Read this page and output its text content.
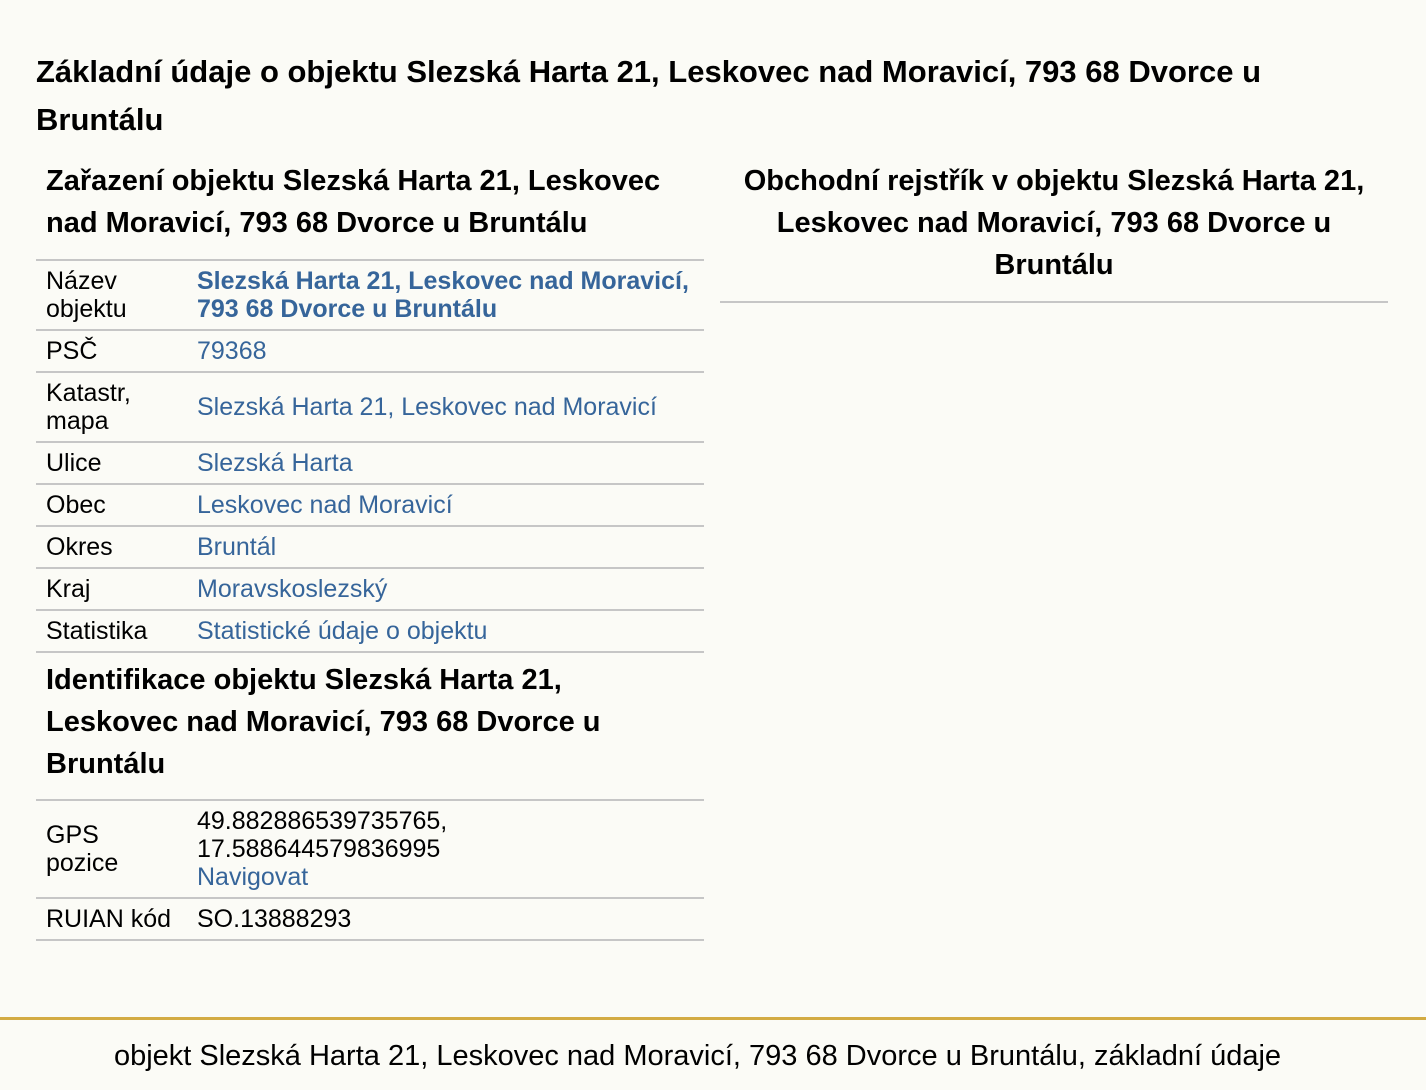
Základní údaje o objektu Slezská Harta 21, Leskovec nad Moravicí, 793 68 Dvorce u Bruntálu
Zařazení objektu Slezská Harta 21, Leskovec nad Moravicí, 793 68 Dvorce u Bruntálu
Název objektu	Slezská Harta 21, Leskovec nad Moravicí, 793 68 Dvorce u Bruntálu
PSČ	79368
Katastr, mapa	Slezská Harta 21, Leskovec nad Moravicí
Ulice	Slezská Harta
Obec	Leskovec nad Moravicí
Okres	Bruntál
Kraj	Moravskoslezský
Statistika	Statistické údaje o objektu
Identifikace objektu Slezská Harta 21, Leskovec nad Moravicí, 793 68 Dvorce u Bruntálu
GPS pozice	49.882886539735765, 17.588644579836995
Navigovat
RUIAN kód	SO.13888293
Obchodní rejstřík v objektu Slezská Harta 21, Leskovec nad Moravicí, 793 68 Dvorce u Bruntálu
objekt Slezská Harta 21, Leskovec nad Moravicí, 793 68 Dvorce u Bruntálu, základní údaje
